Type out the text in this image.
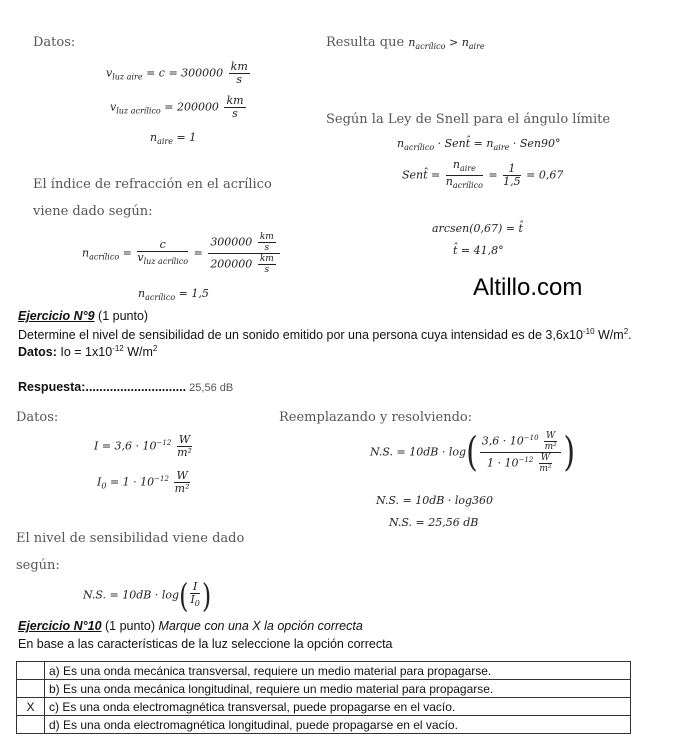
Datos:
$v_{luz aire} = c = 300000 \frac{km}{s}$
$v_{luz acrílico} = 200000 \frac{km}{s}$
$n_{aire} = 1$
El índice de refracción en el acrílico
viene dado según:
$n_{acrílico} = \frac{c}{v_{luz acrílico}} = \frac{300000 \frac{km}{s}}{200000 \frac{km}{s}}$
$n_{acrílico} = 1,5$
Resulta que $n_{acrílico} > n_{aire}$
Según la Ley de Snell para el ángulo límite
$n_{acrílico}$ · Sent̂ = $n_{aire} \cdot Sen90^\circ$
Sent̂ = $\frac{n_{aire}}{n_{acrílico}} = \frac{1}{1,5} = 0,67$
arcsen(0,67) = t̂
t̂ = 41,8°
Altillo.com
Ejercicio N°9 (1 punto)
Determine el nivel de sensibilidad de un sonido emitido por una persona cuya intensidad es de $3,6x10^{-10}$ $W/m^2$.
Datos: $Io = 1x10^{-12}$ $W/m^2$
Respuesta:............................. 25,56 dB
Datos:
$I = 3,6 \cdot 10^{-12} \frac{W}{\text{m²}}$
$I_0 = 1 \cdot 10^{-12} \frac{W}{\text{m²}}$
Reemplazando y resolviendo:
N.S. = $10dB \cdot \log( \frac{3,6 \cdot 10^{-10} \frac{W}{\text{m²}}}{1 \cdot 10^{-12} \frac{W}{\text{m²}}}$ )
N.S. = 10dB · log360
N.S. = 25,56 dB
El nivel de sensibilidad viene dado
según:
N.S. = $10dB \cdot \log( \frac{I}{I_0}$ )
Ejercicio N°10 (1 punto) Marque con una X la opción correcta
En base a las características de la luz seleccione la opción correcta
	a) Es una onda mecánica transversal, requiere un medio material para propagarse.
	b) Es una onda mecánica longitudinal, requiere un medio material para propagarse.
X	c) Es una onda electromagnética transversal, puede propagarse en el vacío.
	d) Es una onda electromagnética longitudinal, puede propagarse en el vacío.
